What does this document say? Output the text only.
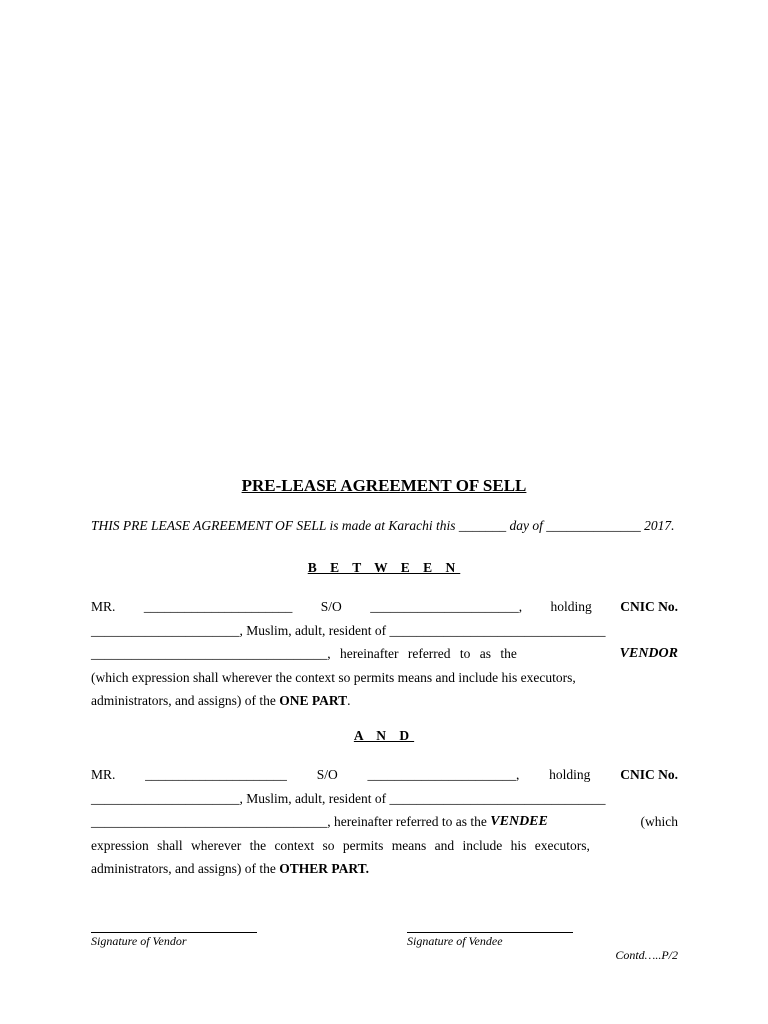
PRE-LEASE AGREEMENT OF SELL
THIS PRE LEASE AGREEMENT OF SELL is made at Karachi this _______ day of ______________ 2017.
B E T W E E N
MR. ______________________ S/O ______________________, holding CNIC No.
______________________ , Muslim, adult, resident of ________________________________
___________________________________, hereinafter referred to as the	VENDOR
(which expression shall wherever the context so permits means and include his executors,
administrators, and assigns) of the ONE PART .
A N D
MR. _____________________ S/O ______________________, holding CNIC No.
______________________ , Muslim, adult, resident of ________________________________
___________________________________, hereinafter referred to as the VENDEE	(which
expression shall wherever the context so permits means and include his executors,
administrators, and assigns) of the OTHER PART.
Signature of Vendor	Signature of Vendee
Contd…..P/2
